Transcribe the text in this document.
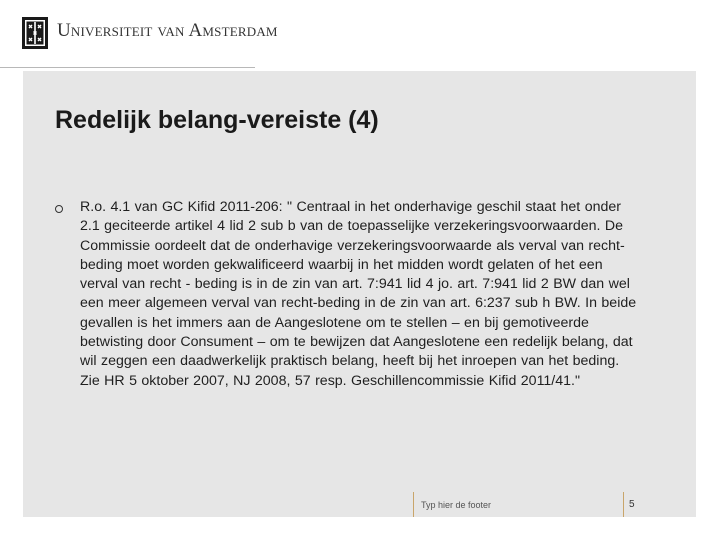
Universiteit van Amsterdam
Redelijk belang-vereiste (4)
R.o. 4.1 van GC Kifid 2011-206: " Centraal in het onderhavige geschil staat het onder 2.1 geciteerde artikel 4 lid 2 sub b van de toepasselijke verzekeringsvoorwaarden. De Commissie oordeelt dat de onderhavige verzekeringsvoorwaarde als verval van recht-beding moet worden gekwalificeerd waarbij in het midden wordt gelaten of het een verval van recht - beding is in de zin van art. 7:941 lid 4 jo. art. 7:941 lid 2 BW dan wel een meer algemeen verval van recht-beding in de zin van art. 6:237 sub h BW. In beide gevallen is het immers aan de Aangeslotene om te stellen – en bij gemotiveerde betwisting door Consument – om te bewijzen dat Aangeslotene een redelijk belang, dat wil zeggen een daadwerkelijk praktisch belang, heeft bij het inroepen van het beding. Zie HR 5 oktober 2007, NJ 2008, 57 resp. Geschillencommissie Kifid 2011/41."
Typ hier de footer	5
